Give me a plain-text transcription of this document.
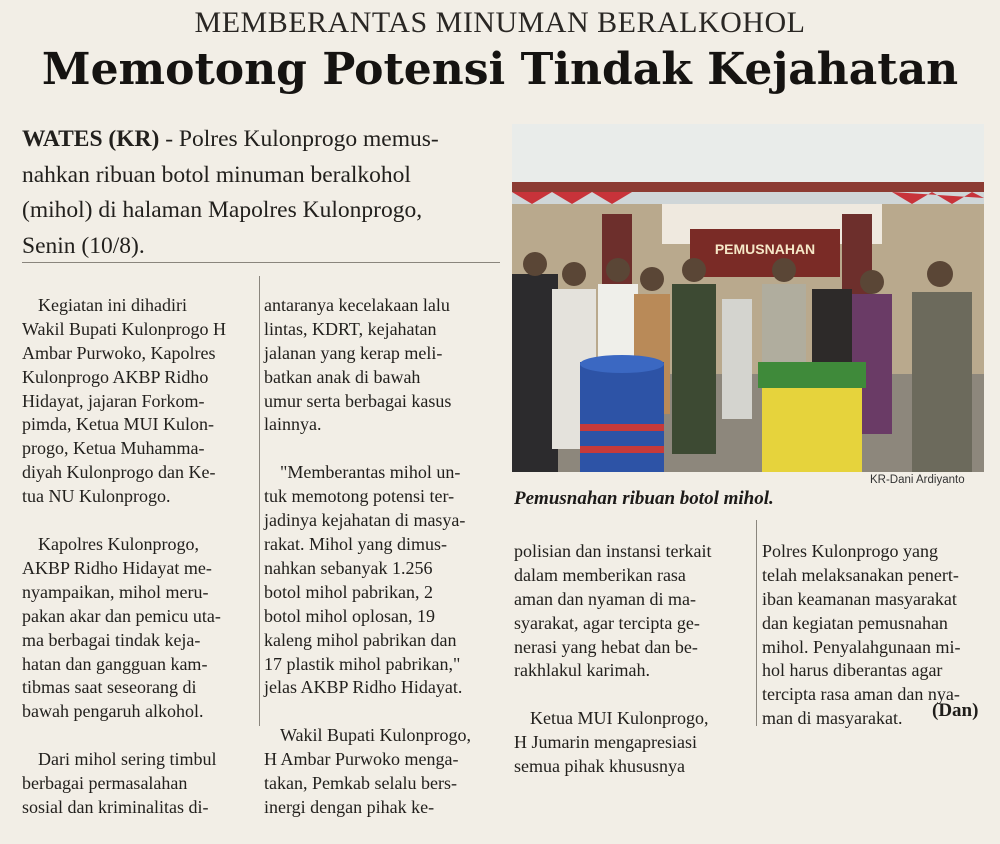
MEMBERANTAS MINUMAN BERALKOHOL
Memotong Potensi Tindak Kejahatan
WATES (KR) - Polres Kulonprogo memus-
nahkan ribuan botol minuman beralkohol
(mihol) di halaman Mapolres Kulonprogo,
Senin (10/8).

Kegiatan ini dihadiri
Wakil Bupati Kulonprogo H
Ambar Purwoko, Kapolres
Kulonprogo AKBP Ridho
Hidayat, jajaran Forkom-
pimda, Ketua MUI Kulon-
progo, Ketua Muhamma-
diyah Kulonprogo dan Ke-
tua NU Kulonprogo.

Kapolres Kulonprogo,
AKBP Ridho Hidayat me-
nyampaikan, mihol meru-
pakan akar dan pemicu uta-
ma berbagai tindak keja-
hatan dan gangguan kam-
tibmas saat seseorang di
bawah pengaruh alkohol.

Dari mihol sering timbul
berbagai permasalahan
sosial dan kriminalitas di-

antaranya kecelakaan lalu
lintas, KDRT, kejahatan
jalanan yang kerap meli-
batkan anak di bawah
umur serta berbagai kasus
lainnya.

"Memberantas mihol un-
tuk memotong potensi ter-
jadinya kejahatan di masya-
rakat. Mihol yang dimus-
nahkan sebanyak 1.256
botol mihol pabrikan, 2
botol mihol oplosan, 19
kaleng mihol pabrikan dan
17 plastik mihol pabrikan,"
jelas AKBP Ridho Hidayat.

Wakil Bupati Kulonprogo,
H Ambar Purwoko menga-
takan, Pemkab selalu bers-
inergi dengan pihak ke-

PEMUSNAHAN
KR-Dani Ardiyanto
Pemusnahan ribuan botol mihol.

polisian dan instansi terkait
dalam memberikan rasa
aman dan nyaman di ma-
syarakat, agar tercipta ge-
nerasi yang hebat dan be-
rakhlakul karimah.

Ketua MUI Kulonprogo,
H Jumarin mengapresiasi
semua pihak khususnya

Polres Kulonprogo yang
telah melaksanakan penert-
iban keamanan masyarakat
dan kegiatan pemusnahan
mihol. Penyalahgunaan mi-
hol harus diberantas agar
tercipta rasa aman dan nya-
man di masyarakat.	(Dan)
